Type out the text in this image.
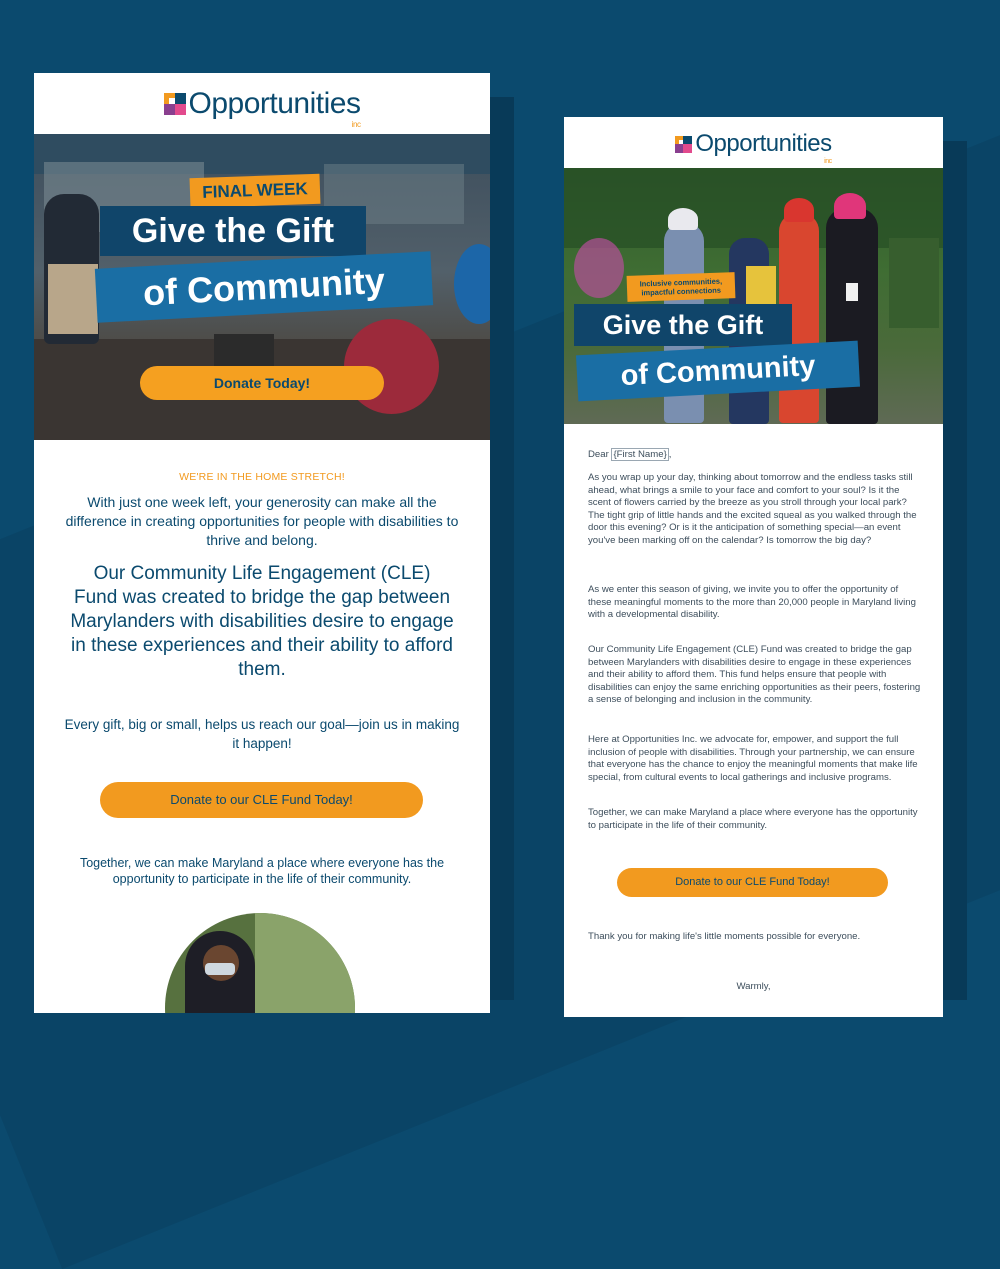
Opportunities
inc
FINAL WEEK
Give the Gift
of Community
Donate Today!
WE'RE IN THE HOME STRETCH!
With just one week left, your generosity can make all the difference in creating opportunities for people with disabilities to thrive and belong.
Our Community Life Engagement (CLE) Fund was created to bridge the gap between Marylanders with disabilities desire to engage in these experiences and their ability to afford them.
Every gift, big or small, helps us reach our goal—join us in making it happen!
Donate to our CLE Fund Today!
Together, we can make Maryland a place where everyone has the opportunity to participate in the life of their community.
Opportunities
inc
Inclusive communities, impactful connections
Give the Gift
of Community
Dear {First Name} ,
As you wrap up your day, thinking about tomorrow and the endless tasks still ahead, what brings a smile to your face and comfort to your soul? Is it the scent of flowers carried by the breeze as you stroll through your local park? The tight grip of little hands and the excited squeal as you walked through the door this evening? Or is it the anticipation of something special—an event you've been marking off on the calendar? Is tomorrow the big day?
As we enter this season of giving, we invite you to offer the opportunity of these meaningful moments to the more than 20,000 people in Maryland living with a developmental disability.
Our Community Life Engagement (CLE) Fund was created to bridge the gap between Marylanders with disabilities desire to engage in these experiences and their ability to afford them. This fund helps ensure that people with disabilities can enjoy the same enriching opportunities as their peers, fostering a sense of belonging and inclusion in the community.
Here at Opportunities Inc. we advocate for, empower, and support the full inclusion of people with disabilities. Through your partnership, we can ensure that everyone has the chance to enjoy the meaningful moments that make life special, from cultural events to local gatherings and inclusive programs.
Together, we can make Maryland a place where everyone has the opportunity to participate in the life of their community.
Donate to our CLE Fund Today!
Thank you for making life's little moments possible for everyone.
Warmly,
